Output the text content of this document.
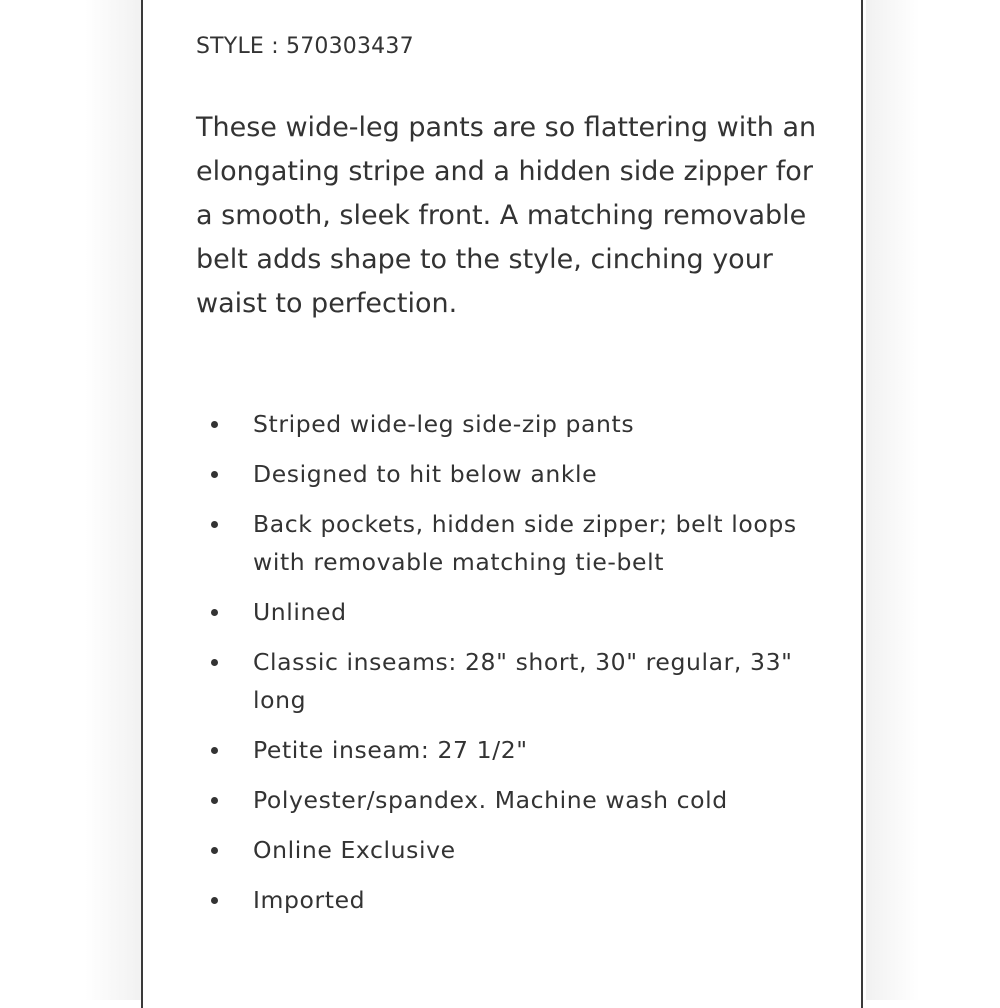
STYLE : 570303437

These wide-leg pants are so flattering with an elongating stripe and a hidden side zipper for a smooth, sleek front. A matching removable belt adds shape to the style, cinching your waist to perfection.

Striped wide-leg side-zip pants
Designed to hit below ankle
Back pockets, hidden side zipper; belt loops with removable matching tie-belt
Unlined
Classic inseams: 28" short, 30" regular, 33" long
Petite inseam: 27 1/2"
Polyester/spandex. Machine wash cold
Online Exclusive
Imported
